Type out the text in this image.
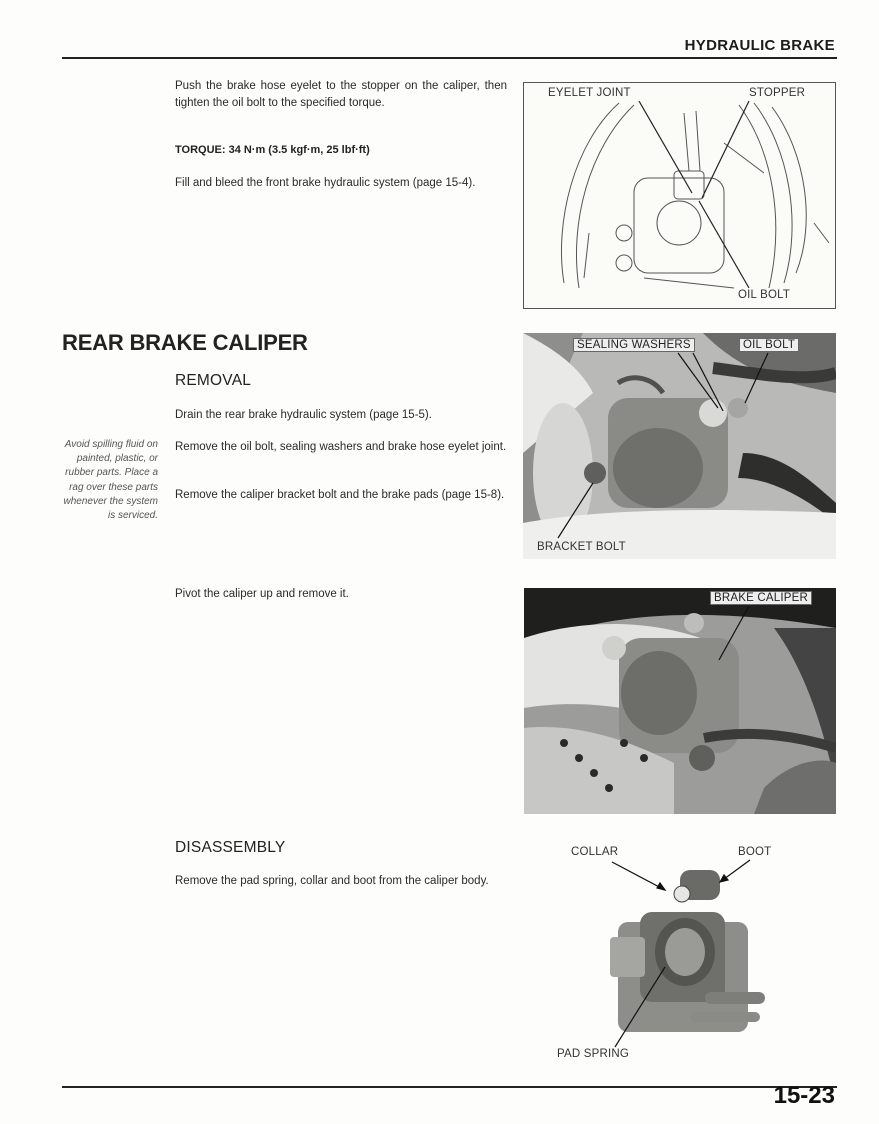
HYDRAULIC BRAKE
Push the brake hose eyelet to the stopper on the caliper, then tighten the oil bolt to the specified torque.
TORQUE: 34 N·m (3.5 kgf·m, 25 lbf·ft)
Fill and bleed the front brake hydraulic system (page 15-4).
EYELET JOINT	STOPPER
OIL BOLT
REAR BRAKE CALIPER
REMOVAL
Drain the rear brake hydraulic system (page 15-5).
Avoid spilling fluid on painted, plastic, or rubber parts. Place a rag over these parts whenever the system is serviced.
Remove the oil bolt, sealing washers and brake hose eyelet joint.
Remove the caliper bracket bolt and the brake pads (page 15-8).
Pivot the caliper up and remove it.
SEALING WASHERS	OIL BOLT
BRACKET BOLT
BRAKE CALIPER
DISASSEMBLY
Remove the pad spring, collar and boot from the caliper body.
COLLAR	BOOT
PAD SPRING
15-23
